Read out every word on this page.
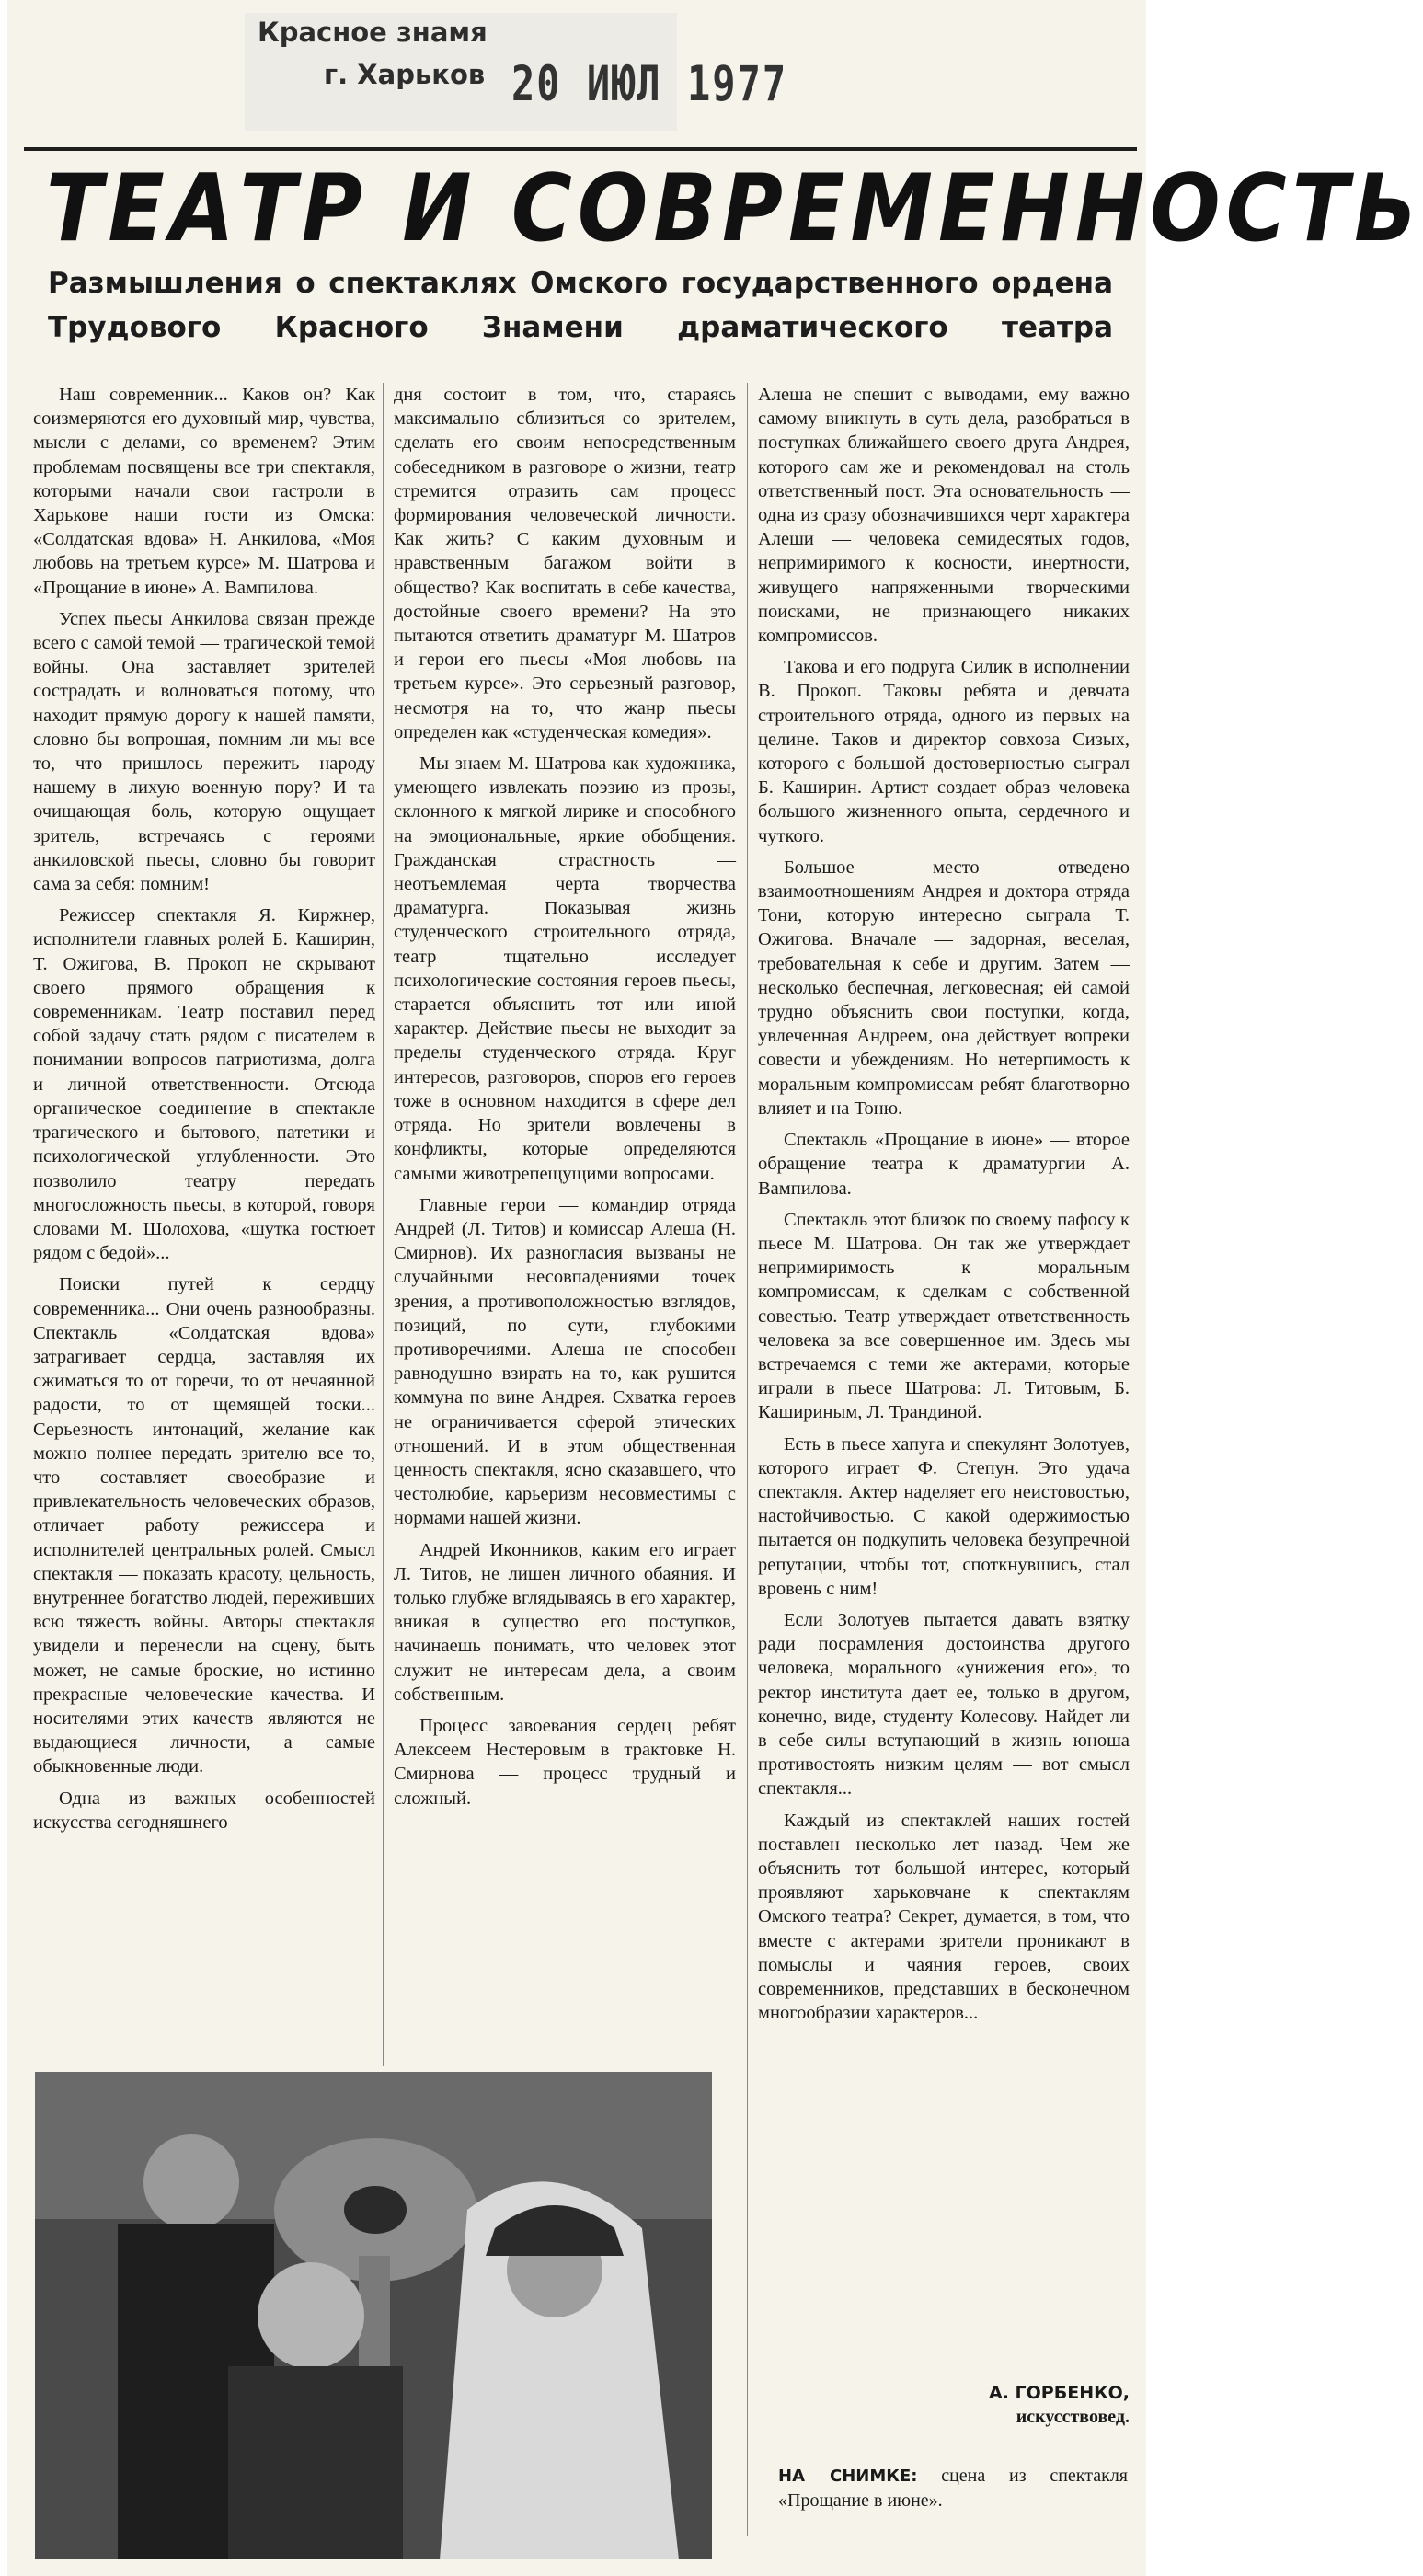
Красное знамя
г. Харьков 20 ИЮЛ 1977
ТЕАТР И СОВРЕМЕННОСТЬ
Размышления о спектаклях Омского государственного ордена Трудового Красного Знамени драматического театра

Наш современник... Каков он? Как соизмеряются его духовный мир, чувства, мысли с делами, со временем? Этим проблемам посвящены все три спектакля, которыми начали свои гастроли в Харькове наши гости из Омска: «Солдатская вдова» Н. Анкилова, «Моя любовь на третьем курсе» М. Шатрова и «Прощание в июне» А. Вампилова.

Успех пьесы Анкилова связан прежде всего с самой темой — трагической темой войны. Она заставляет зрителей сострадать и волноваться потому, что находит прямую дорогу к нашей памяти, словно бы вопрошая, помним ли мы все то, что пришлось пережить народу нашему в лихую военную пору? И та очищающая боль, которую ощущает зритель, встречаясь с героями анкиловской пьесы, словно бы говорит сама за себя: помним!

Режиссер спектакля Я. Киржнер, исполнители главных ролей Б. Каширин, Т. Ожигова, В. Прокоп не скрывают своего прямого обращения к современникам. Театр поставил перед собой задачу стать рядом с писателем в понимании вопросов патриотизма, долга и личной ответственности. Отсюда органическое соединение в спектакле трагического и бытового, патетики и психологической углубленности. Это позволило театру передать многосложность пьесы, в которой, говоря словами М. Шолохова, «шутка гостюет рядом с бедой»...

Поиски путей к сердцу современника... Они очень разнообразны. Спектакль «Солдатская вдова» затрагивает сердца, заставляя их сжиматься то от горечи, то от нечаянной радости, то от щемящей тоски... Серьезность интонаций, желание как можно полнее передать зрителю все то, что составляет своеобразие и привлекательность человеческих образов, отличает работу режиссера и исполнителей центральных ролей. Смысл спектакля — показать красоту, цельность, внутреннее богатство людей, переживших всю тяжесть войны. Авторы спектакля увидели и перенесли на сцену, быть может, не самые броские, но истинно прекрасные человеческие качества. И носителями этих качеств являются не выдающиеся личности, а самые обыкновенные люди.

Одна из важных особенностей искусства сегодняшнего

дня состоит в том, что, стараясь максимально сблизиться со зрителем, сделать его своим непосредственным собеседником в разговоре о жизни, театр стремится отразить сам процесс формирования человеческой личности. Как жить? С каким духовным и нравственным багажом войти в общество? Как воспитать в себе качества, достойные своего времени? На это пытаются ответить драматург М. Шатров и герои его пьесы «Моя любовь на третьем курсе». Это серьезный разговор, несмотря на то, что жанр пьесы определен как «студенческая комедия».

Мы знаем М. Шатрова как художника, умеющего извлекать поэзию из прозы, склонного к мягкой лирике и способного на эмоциональные, яркие обобщения. Гражданская страстность — неотъемлемая черта творчества драматурга. Показывая жизнь студенческого строительного отряда, театр тщательно исследует психологические состояния героев пьесы, старается объяснить тот или иной характер. Действие пьесы не выходит за пределы студенческого отряда. Круг интересов, разговоров, споров его героев тоже в основном находится в сфере дел отряда. Но зрители вовлечены в конфликты, которые определяются самыми животрепещущими вопросами.

Главные герои — командир отряда Андрей (Л. Титов) и комиссар Алеша (Н. Смирнов). Их разногласия вызваны не случайными несовпадениями точек зрения, а противоположностью взглядов, позиций, по сути, глубокими противоречиями. Алеша не способен равнодушно взирать на то, как рушится коммуна по вине Андрея. Схватка героев не ограничивается сферой этических отношений. И в этом общественная ценность спектакля, ясно сказавшего, что честолюбие, карьеризм несовместимы с нормами нашей жизни.

Андрей Иконников, каким его играет Л. Титов, не лишен личного обаяния. И только глубже вглядываясь в его характер, вникая в существо его поступков, начинаешь понимать, что человек этот служит не интересам дела, а своим собственным.

Процесс завоевания сердец ребят Алексеем Нестеровым в трактовке Н. Смирнова — процесс трудный и сложный.

Алеша не спешит с выводами, ему важно самому вникнуть в суть дела, разобраться в поступках ближайшего своего друга Андрея, которого сам же и рекомендовал на столь ответственный пост. Эта основательность — одна из сразу обозначившихся черт характера Алеши — человека семидесятых годов, непримиримого к косности, инертности, живущего напряженными творческими поисками, не признающего никаких компромиссов.

Такова и его подруга Силик в исполнении В. Прокоп. Таковы ребята и девчата строительного отряда, одного из первых на целине. Таков и директор совхоза Сизых, которого с большой достоверностью сыграл Б. Каширин. Артист создает образ человека большого жизненного опыта, сердечного и чуткого.

Большое место отведено взаимоотношениям Андрея и доктора отряда Тони, которую интересно сыграла Т. Ожигова. Вначале — задорная, веселая, требовательная к себе и другим. Затем — несколько беспечная, легковесная; ей самой трудно объяснить свои поступки, когда, увлеченная Андреем, она действует вопреки совести и убеждениям. Но нетерпимость к моральным компромиссам ребят благотворно влияет и на Тоню.

Спектакль «Прощание в июне» — второе обращение театра к драматургии А. Вампилова.

Спектакль этот близок по своему пафосу к пьесе М. Шатрова. Он так же утверждает непримиримость к моральным компромиссам, к сделкам с собственной совестью. Театр утверждает ответственность человека за все совершенное им. Здесь мы встречаемся с теми же актерами, которые играли в пьесе Шатрова: Л. Титовым, Б. Кашириным, Л. Трандиной.

Есть в пьесе хапуга и спекулянт Золотуев, которого играет Ф. Степун. Это удача спектакля. Актер наделяет его неистовостью, настойчивостью. С какой одержимостью пытается он подкупить человека безупречной репутации, чтобы тот, споткнувшись, стал вровень с ним!

Если Золотуев пытается давать взятку ради посрамления достоинства другого человека, морального «унижения его», то ректор института дает ее, только в другом, конечно, виде, студенту Колесову. Найдет ли в себе силы вступающий в жизнь юноша противостоять низким целям — вот смысл спектакля...

Каждый из спектаклей наших гостей поставлен несколько лет назад. Чем же объяснить тот большой интерес, который проявляют харьковчане к спектаклям Омского театра? Секрет, думается, в том, что вместе с актерами зрители проникают в помыслы и чаяния героев, своих современников, представших в бесконечном многообразии характеров...

А. ГОРБЕНКО,
искусствовед.
НА СНИМКЕ: сцена из спектакля «Прощание в июне».
